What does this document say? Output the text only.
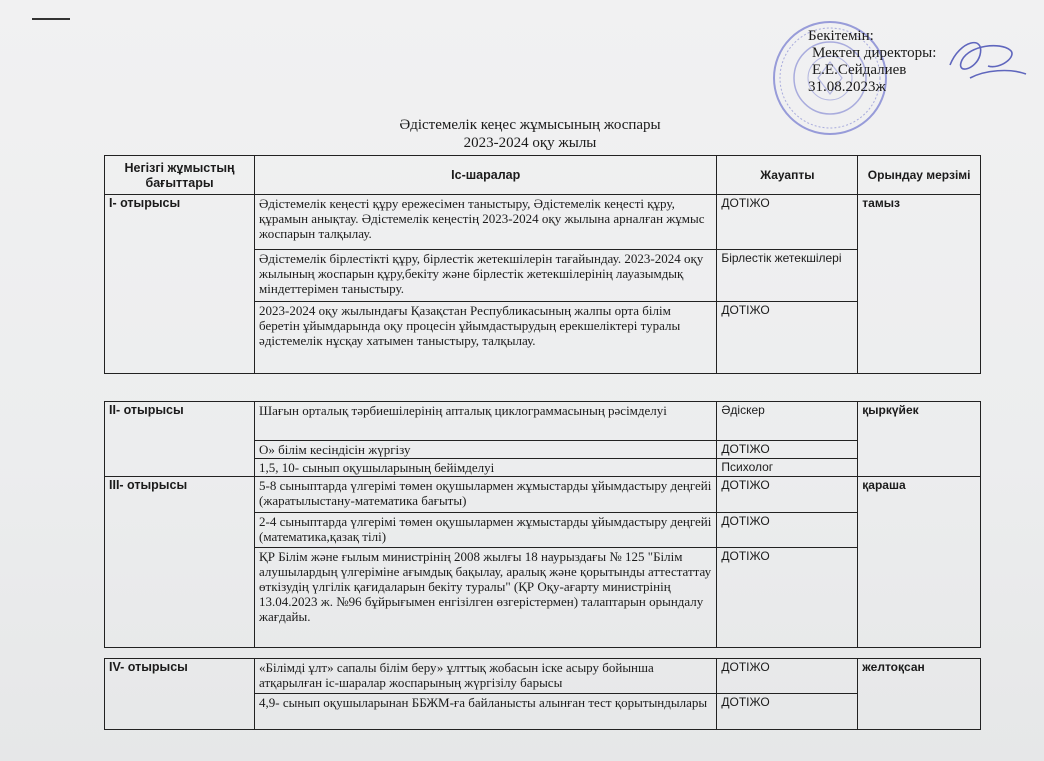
Бекітемін:
Мектеп директоры:
Е.Е.Сейдалиев
31.08.2023ж
Әдістемелік кеңес жұмысының жоспары
2023-2024 оқу жылы
Негізгі жұмыстың бағыттары	Іс-шаралар	Жауапты	Орындау мерзімі
I- отырысы	Әдістемелік кеңесті құру ережесімен таныстыру, Әдістемелік кеңесті құру, құрамын анықтау. Әдістемелік кеңестің 2023-2024 оқу жылына арналған жұмыс жоспарын талқылау.	ДОТІЖО	тамыз
	Әдістемелік бірлестікті құру, бірлестік жетекшілерін тағайындау. 2023-2024 оқу жылының жоспарын құру,бекіту және бірлестік жетекшілерінің лауазымдық міндеттерімен таныстыру.	Бірлестік жетекшілері	
	2023-2024 оқу жылындағы Қазақстан Республикасының жалпы орта білім беретін ұйымдарында оқу процесін ұйымдастырудың ерекшеліктері туралы әдістемелік нұсқау хатымен таныстыру, талқылау.	ДОТІЖО	
II- отырысы	Шағын орталық тәрбиешілерінің апталық циклограммасының рәсімделуі	Әдіскер	қыркүйек
	О» білім кесіндісін жүргізу	ДОТІЖО	
	1,5, 10- сынып оқушыларының бейімделуі	Психолог	
III- отырысы	5-8 сыныптарда үлгерімі төмен оқушылармен жұмыстарды ұйымдастыру деңгейі (жаратылыстану-математика бағыты)	ДОТІЖО	қараша
	2-4 сыныптарда үлгерімі төмен оқушылармен жұмыстарды ұйымдастыру деңгейі (математика,қазақ тілі)	ДОТІЖО	
	ҚР Білім және ғылым министрінің 2008 жылғы 18 наурыздағы № 125 "Білім алушылардың үлгеріміне ағымдық бақылау, аралық және қорытынды аттестаттау өткізудің үлгілік қағидаларын бекіту туралы" (ҚР Оқу-ағарту министрінің 13.04.2023 ж. №96 бұйрығымен енгізілген өзгерістермен) талаптарын орындалу жағдайы.	ДОТІЖО	
IV- отырысы	«Білімді ұлт» сапалы білім беру» ұлттық жобасын іске асыру бойынша атқарылған іс-шаралар жоспарының жүргізілу барысы	ДОТІЖО	желтоқсан
	4,9- сынып оқушыларынан ББЖМ-ға байланысты алынған тест қорытындылары	ДОТІЖО	
